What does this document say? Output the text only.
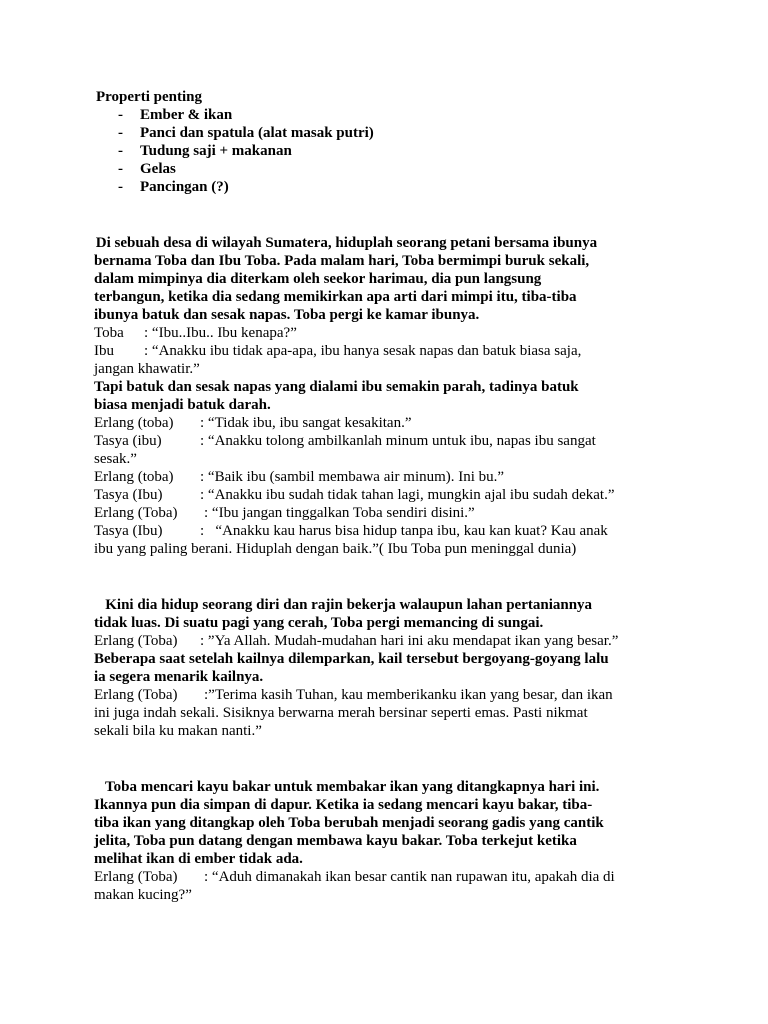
Properti penting
- Ember & ikan
- Panci dan spatula (alat masak putri)
- Tudung saji + makanan
- Gelas
- Pancingan (?)
Di sebuah desa di wilayah Sumatera, hiduplah seorang petani bersama ibunya
bernama Toba dan Ibu Toba. Pada malam hari, Toba bermimpi buruk sekali,
dalam mimpinya dia diterkam oleh seekor harimau, dia pun langsung
terbangun, ketika dia sedang memikirkan apa arti dari mimpi itu, tiba-tiba
ibunya batuk dan sesak napas. Toba pergi ke kamar ibunya.
Toba : “Ibu..Ibu.. Ibu kenapa?”
Ibu : “Anakku ibu tidak apa-apa, ibu hanya sesak napas dan batuk biasa saja,
jangan khawatir.”
Tapi batuk dan sesak napas yang dialami ibu semakin parah, tadinya batuk
biasa menjadi batuk darah.
Erlang (toba) : “Tidak ibu, ibu sangat kesakitan.”
Tasya (ibu)	: “Anakku tolong ambilkanlah minum untuk ibu, napas ibu sangat
sesak.”
Erlang (toba) : “Baik ibu (sambil membawa air minum). Ini bu.”
Tasya (Ibu) : “Anakku ibu sudah tidak tahan lagi, mungkin ajal ibu sudah dekat.”
Erlang (Toba) : “Ibu jangan tinggalkan Toba sendiri disini.”
Tasya (Ibu) :   “Anakku kau harus bisa hidup tanpa ibu, kau kan kuat? Kau anak
ibu yang paling berani. Hiduplah dengan baik.”( Ibu Toba pun meninggal dunia)
Kini dia hidup seorang diri dan rajin bekerja walaupun lahan pertaniannya
tidak luas. Di suatu pagi yang cerah, Toba pergi memancing di sungai.
Erlang (Toba) : ”Ya Allah. Mudah-mudahan hari ini aku mendapat ikan yang besar.”
Beberapa saat setelah kailnya dilemparkan, kail tersebut bergoyang-goyang lalu
ia segera menarik kailnya.
Erlang (Toba) :”Terima kasih Tuhan, kau memberikanku ikan yang besar, dan ikan
ini juga indah sekali. Sisiknya berwarna merah bersinar seperti emas. Pasti nikmat
sekali bila ku makan nanti.”
Toba mencari kayu bakar untuk membakar ikan yang ditangkapnya hari ini.
Ikannya pun dia simpan di dapur. Ketika ia sedang mencari kayu bakar, tiba-
tiba ikan yang ditangkap oleh Toba berubah menjadi seorang gadis yang cantik
jelita, Toba pun datang dengan membawa kayu bakar. Toba terkejut ketika
melihat ikan di ember tidak ada.
Erlang (Toba) : “Aduh dimanakah ikan besar cantik nan rupawan itu, apakah dia di
makan kucing?”
